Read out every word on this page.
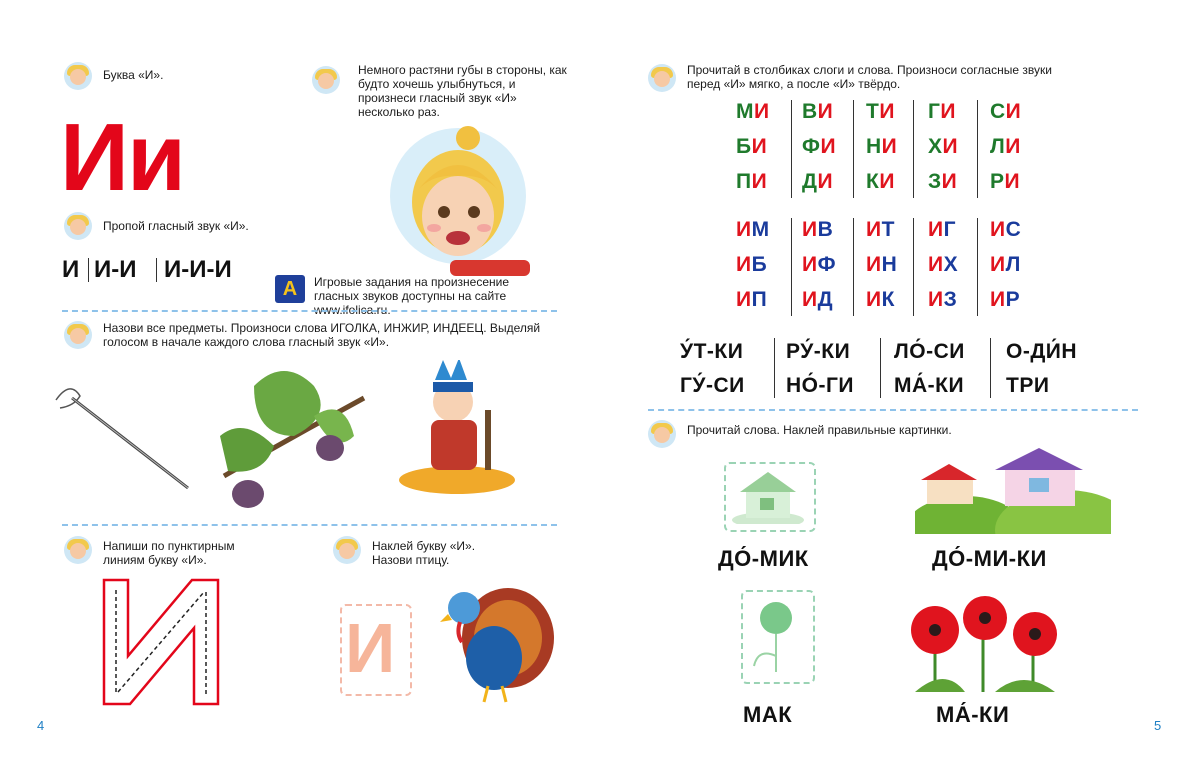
Буква «И».
Ии
Немного растяни губы в стороны, как будто хочешь улыбнуться, и произнеси гласный звук «И» несколько раз.
Пропой гласный звук «И».
И И-И И-И-И
А	Игровые задания на произнесение гласных звуков доступны на сайте www.ifolica.ru.
Назови все предметы. Произноси слова ИГОЛКА, ИНЖИР, ИНДЕЕЦ. Выделяй голосом в начале каждого слова гласный звук «И».
Напиши по пунктирным линиям букву «И».
Наклей букву «И». Назови птицу.
И
4
Прочитай в столбиках слоги и слова. Произноси согласные звуки перед «И» мягко, а после «И» твёрдо.
МИ ВИ ТИ ГИ СИ
БИ ФИ НИ ХИ ЛИ
ПИ ДИ КИ ЗИ РИ
ИМ ИВ ИТ ИГ ИС
ИБ ИФ ИН ИХ ИЛ
ИП ИД ИК ИЗ ИР
У́Т-КИ РУ́-КИ ЛО́-СИ О-ДИ́Н
ГУ́-СИ НО́-ГИ МА́-КИ ТРИ
Прочитай слова. Наклей правильные картинки.
ДО́-МИК	ДО́-МИ-КИ
МАК	МА́-КИ	5
